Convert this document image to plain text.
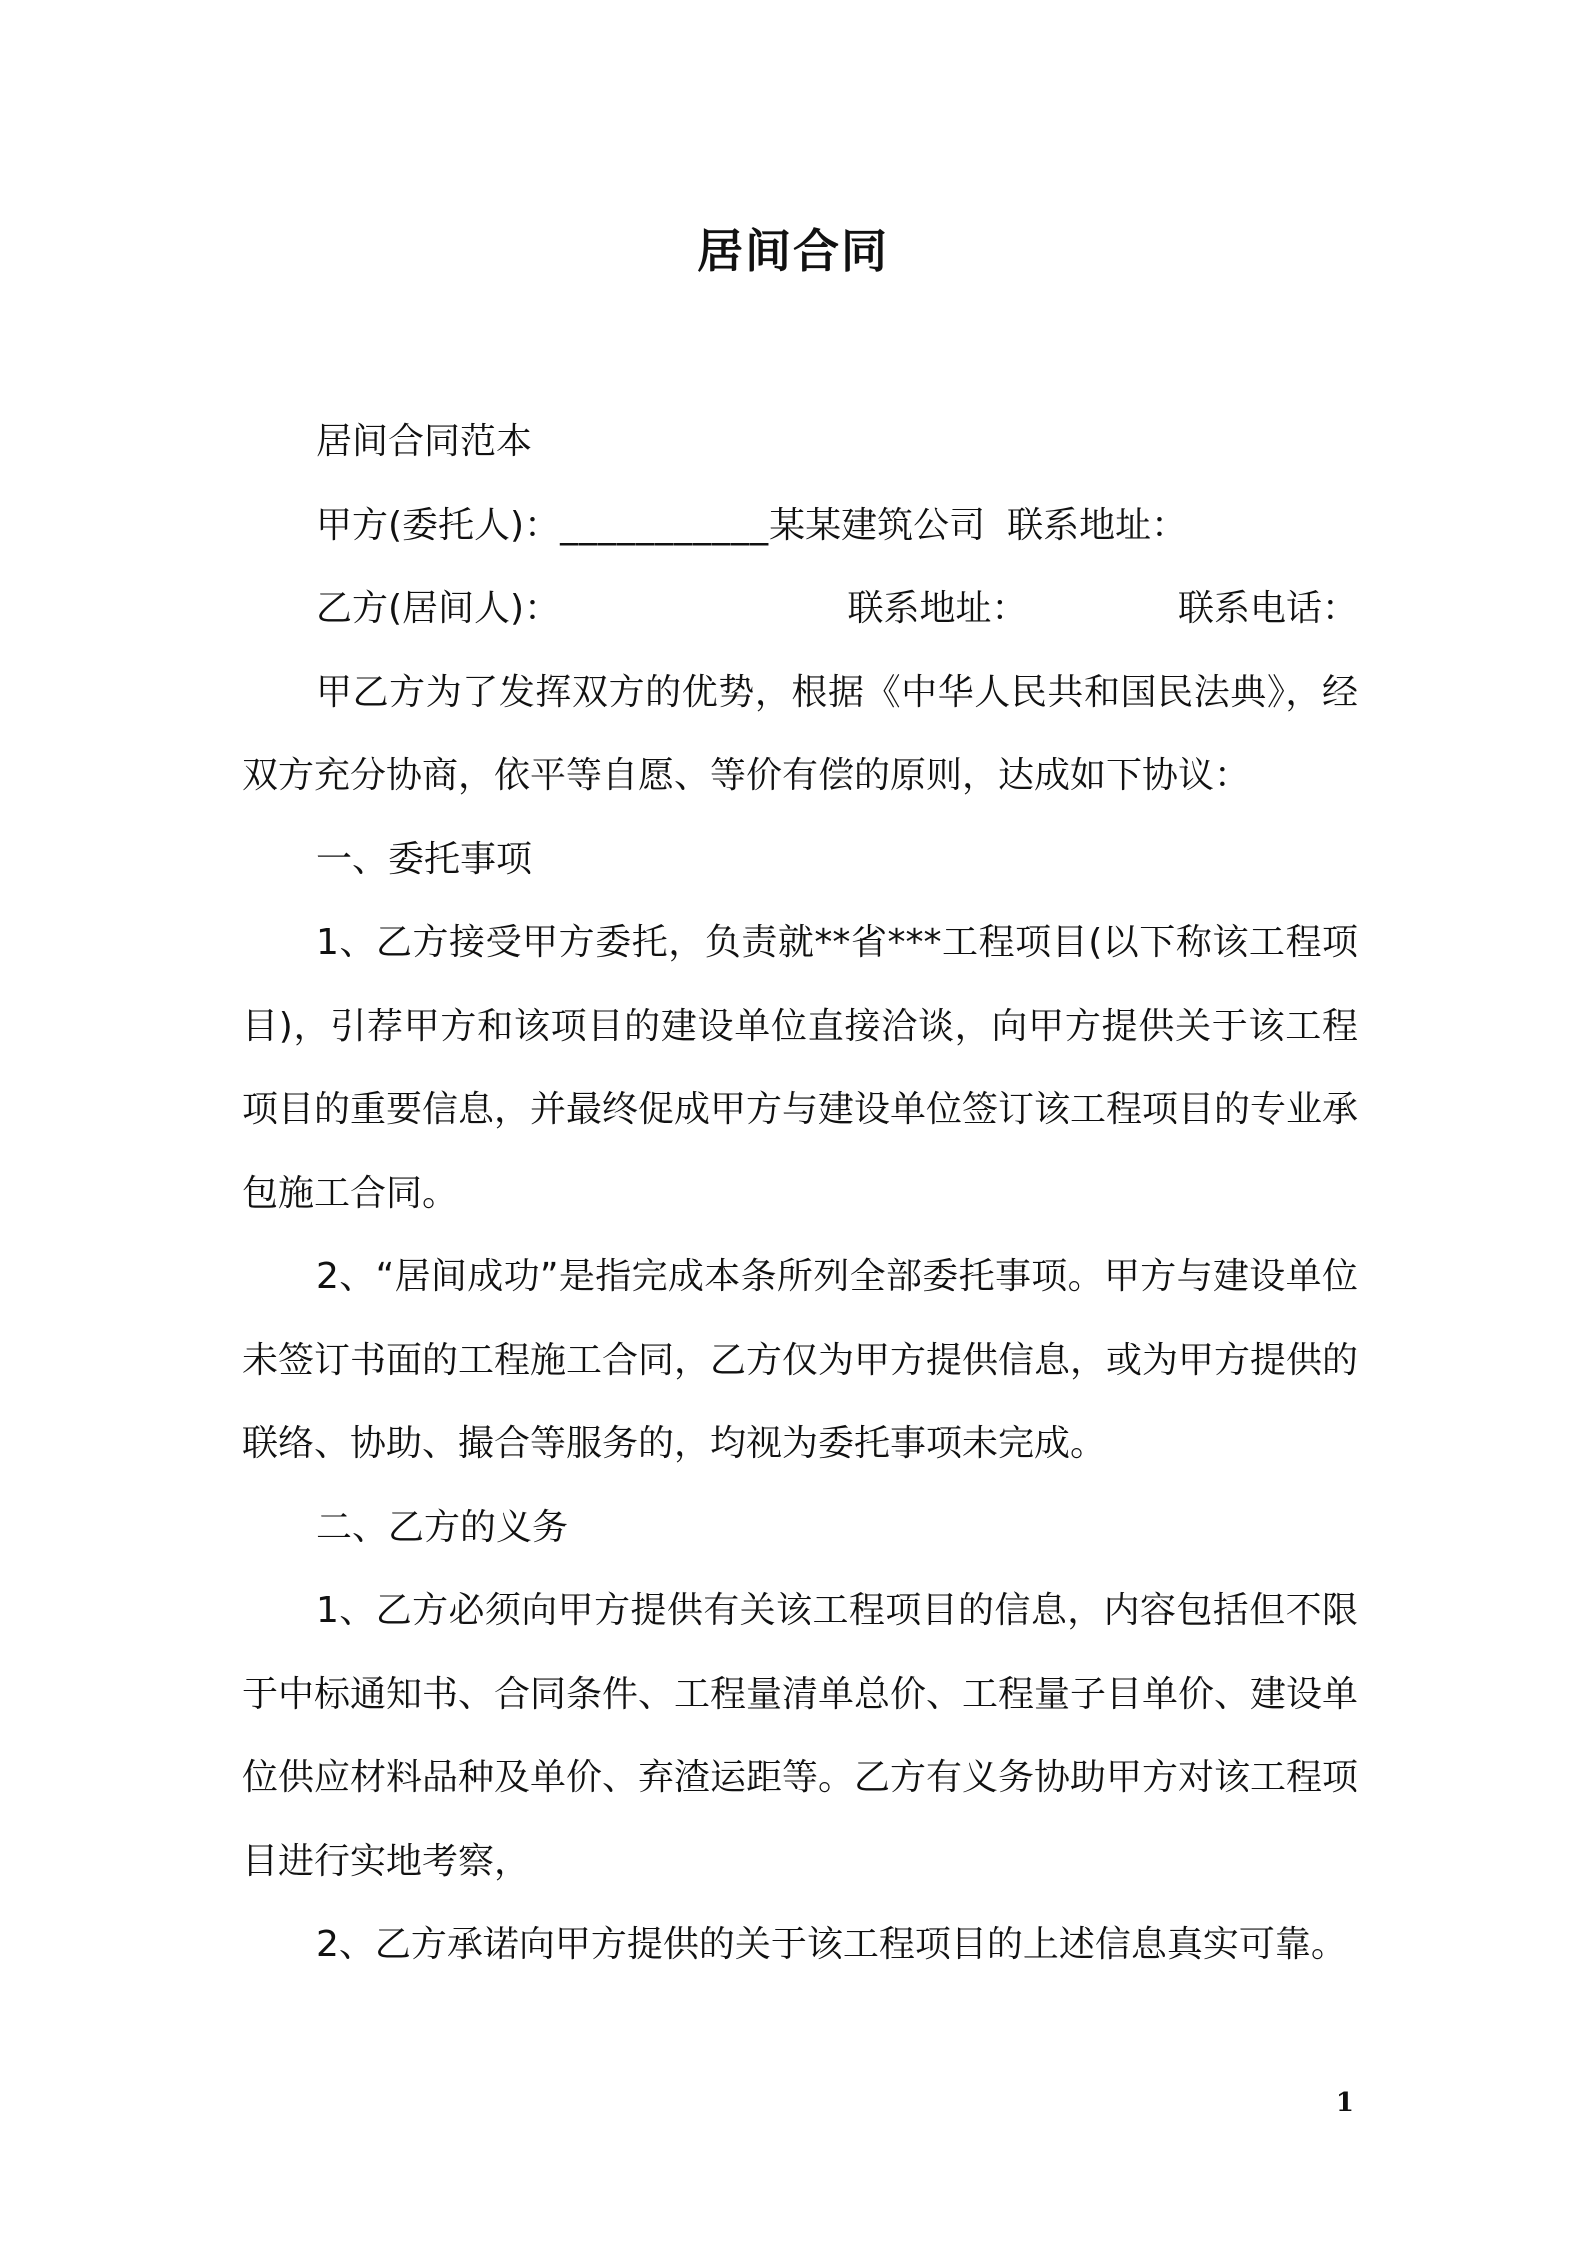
居间合同
居间合同范本
甲方(委托人)： ___________ 某某建筑公司 联系地址：
乙方(居间人)：	联系地址：	联系电话：

甲乙方为了发挥双方的优势，根据《中华人民共和国民法典》，经双方充分协商，依平等自愿、等价有偿的原则，达成如下协议：

一、委托事项

1、乙方接受甲方委托，负责就**省***工程项目(以下称该工程项目)，引荐甲方和该项目的建设单位直接洽谈，向甲方提供关于该工程项目的重要信息，并最终促成甲方与建设单位签订该工程项目的专业承包施工合同。

2、“居间成功”是指完成本条所列全部委托事项。甲方与建设单位未签订书面的工程施工合同，乙方仅为甲方提供信息，或为甲方提供的联络、协助、撮合等服务的，均视为委托事项未完成。

二、乙方的义务

1、乙方必须向甲方提供有关该工程项目的信息，内容包括但不限于中标通知书、合同条件、工程量清单总价、工程量子目单价、建设单位供应材料品种及单价、弃渣运距等。乙方有义务协助甲方对该工程项目进行实地考察，

2、乙方承诺向甲方提供的关于该工程项目的上述信息真实可靠。

1
